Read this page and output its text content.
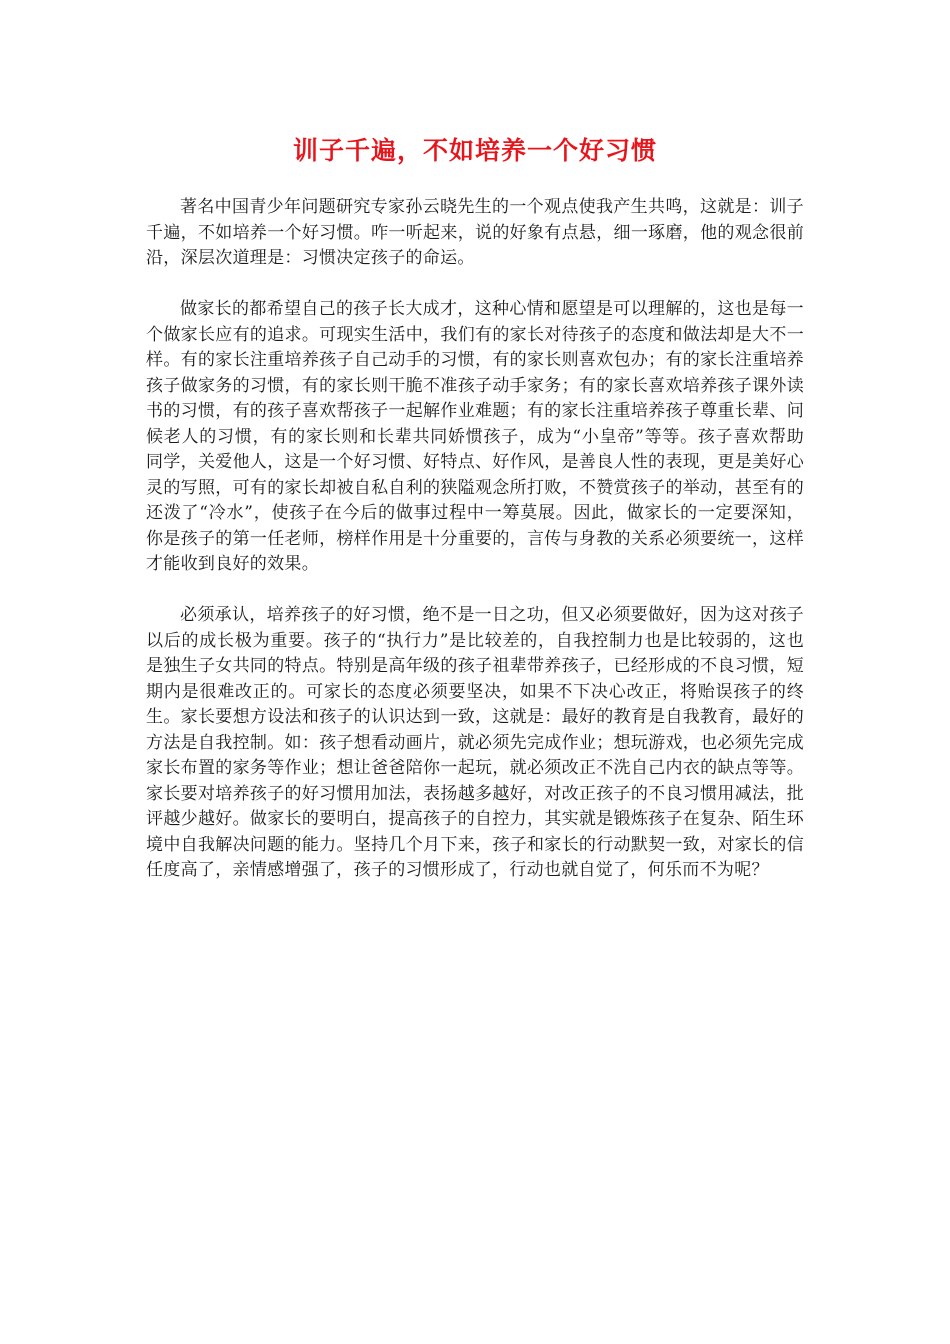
训子千遍，不如培养一个好习惯

著名中国青少年问题研究专家孙云晓先生的一个观点使我产生共鸣，这就是：训子千遍，不如培养一个好习惯。咋一听起来，说的好象有点悬，细一琢磨，他的观念很前沿，深层次道理是：习惯决定孩子的命运。

做家长的都希望自己的孩子长大成才，这种心情和愿望是可以理解的，这也是每一个做家长应有的追求。可现实生活中，我们有的家长对待孩子的态度和做法却是大不一样。有的家长注重培养孩子自己动手的习惯，有的家长则喜欢包办；有的家长注重培养孩子做家务的习惯，有的家长则干脆不准孩子动手家务；有的家长喜欢培养孩子课外读书的习惯，有的孩子喜欢帮孩子一起解作业难题；有的家长注重培养孩子尊重长辈、问候老人的习惯，有的家长则和长辈共同娇惯孩子，成为“小皇帝”等等。孩子喜欢帮助同学，关爱他人，这是一个好习惯、好特点、好作风，是善良人性的表现，更是美好心灵的写照，可有的家长却被自私自利的狭隘观念所打败，不赞赏孩子的举动，甚至有的还泼了“冷水”，使孩子在今后的做事过程中一筹莫展。因此，做家长的一定要深知，你是孩子的第一任老师，榜样作用是十分重要的，言传与身教的关系必须要统一，这样才能收到良好的效果。

必须承认，培养孩子的好习惯，绝不是一日之功，但又必须要做好，因为这对孩子以后的成长极为重要。孩子的“执行力”是比较差的，自我控制力也是比较弱的，这也是独生子女共同的特点。特别是高年级的孩子祖辈带养孩子，已经形成的不良习惯，短期内是很难改正的。可家长的态度必须要坚决，如果不下决心改正，将贻误孩子的终生。家长要想方设法和孩子的认识达到一致，这就是：最好的教育是自我教育，最好的方法是自我控制。如：孩子想看动画片，就必须先完成作业；想玩游戏，也必须先完成家长布置的家务等作业；想让爸爸陪你一起玩，就必须改正不洗自己内衣的缺点等等。家长要对培养孩子的好习惯用加法，表扬越多越好，对改正孩子的不良习惯用减法，批评越少越好。做家长的要明白，提高孩子的自控力，其实就是锻炼孩子在复杂、陌生环境中自我解决问题的能力。坚持几个月下来，孩子和家长的行动默契一致，对家长的信任度高了，亲情感增强了，孩子的习惯形成了，行动也就自觉了，何乐而不为呢？
